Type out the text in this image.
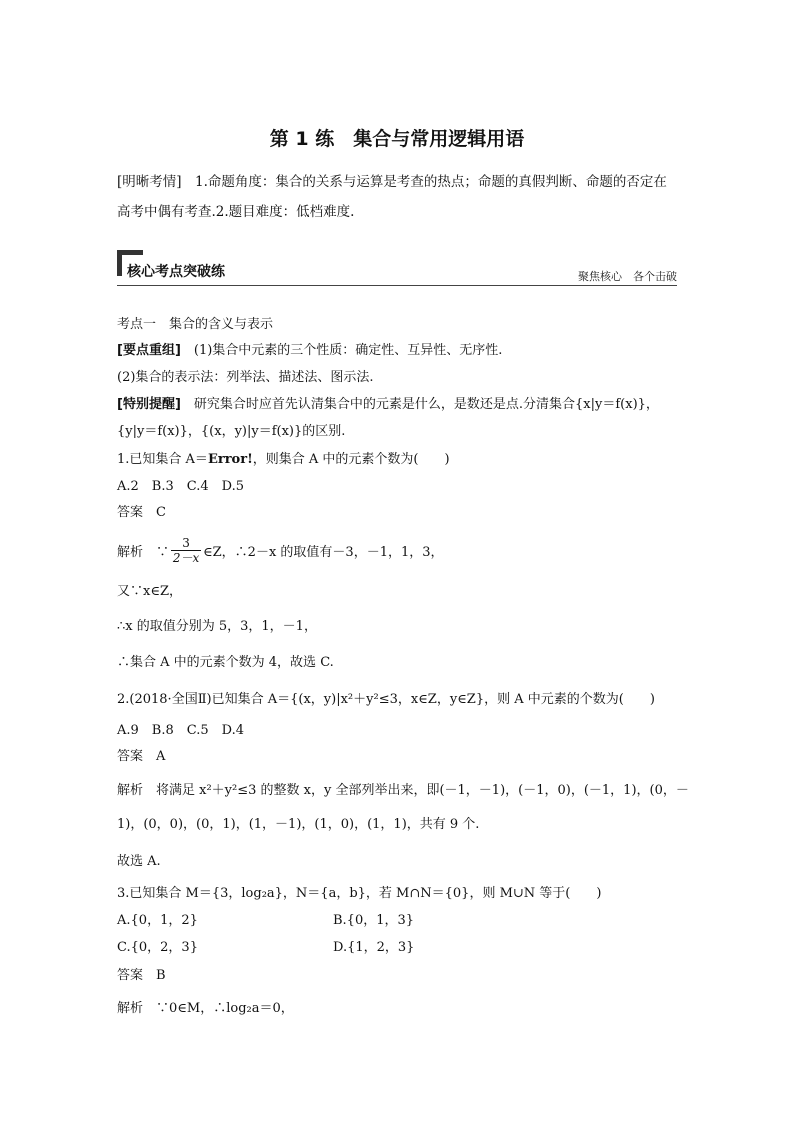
第 1 练　集合与常用逻辑用语
[明晰考情]　1.命题角度：集合的关系与运算是考查的热点；命题的真假判断、命题的否定在
高考中偶有考查.2.题目难度：低档难度.
核心考点突破练	聚焦核心　各个击破
考点一　集合的含义与表示
[要点重组]　(1)集合中元素的三个性质：确定性、互异性、无序性.
(2)集合的表示法：列举法、描述法、图示法.
[特别提醒]　研究集合时应首先认清集合中的元素是什么，是数还是点.分清集合{x|y＝f(x)}，
{y|y＝f(x)}，{(x，y)|y＝f(x)}的区别.
1.已知集合 A＝Error!，则集合 A 中的元素个数为(　　)
A.2　B.3　C.4　D.5
答案　C
解析　∵ $\frac{3}{2-x}$ ∈Z，∴2－x 的取值有－3，－1，1，3，
又∵x∈Z，
∴x 的取值分别为 5，3，1，－1，
∴集合 A 中的元素个数为 4，故选 C.
2.(2018·全国Ⅱ)已知集合 A＝{(x，y)|x²＋y²≤3，x∈Z，y∈Z}，则 A 中元素的个数为(　　)
A.9　B.8　C.5　D.4
答案　A
解析　将满足 x²＋y²≤3 的整数 x，y 全部列举出来，即(－1，－1)，(－1，0)，(－1，1)，(0，－
1)，(0，0)，(0，1)，(1，－1)，(1，0)，(1，1)，共有 9 个.
故选 A.
3.已知集合 M＝{3，log₂a}，N＝{a，b}，若 M∩N＝{0}，则 M∪N 等于(　　)
A.{0，1，2}	B.{0，1，3}
C.{0，2，3}	D.{1，2，3}
答案　B
解析　∵0∈M，∴log₂a＝0，
